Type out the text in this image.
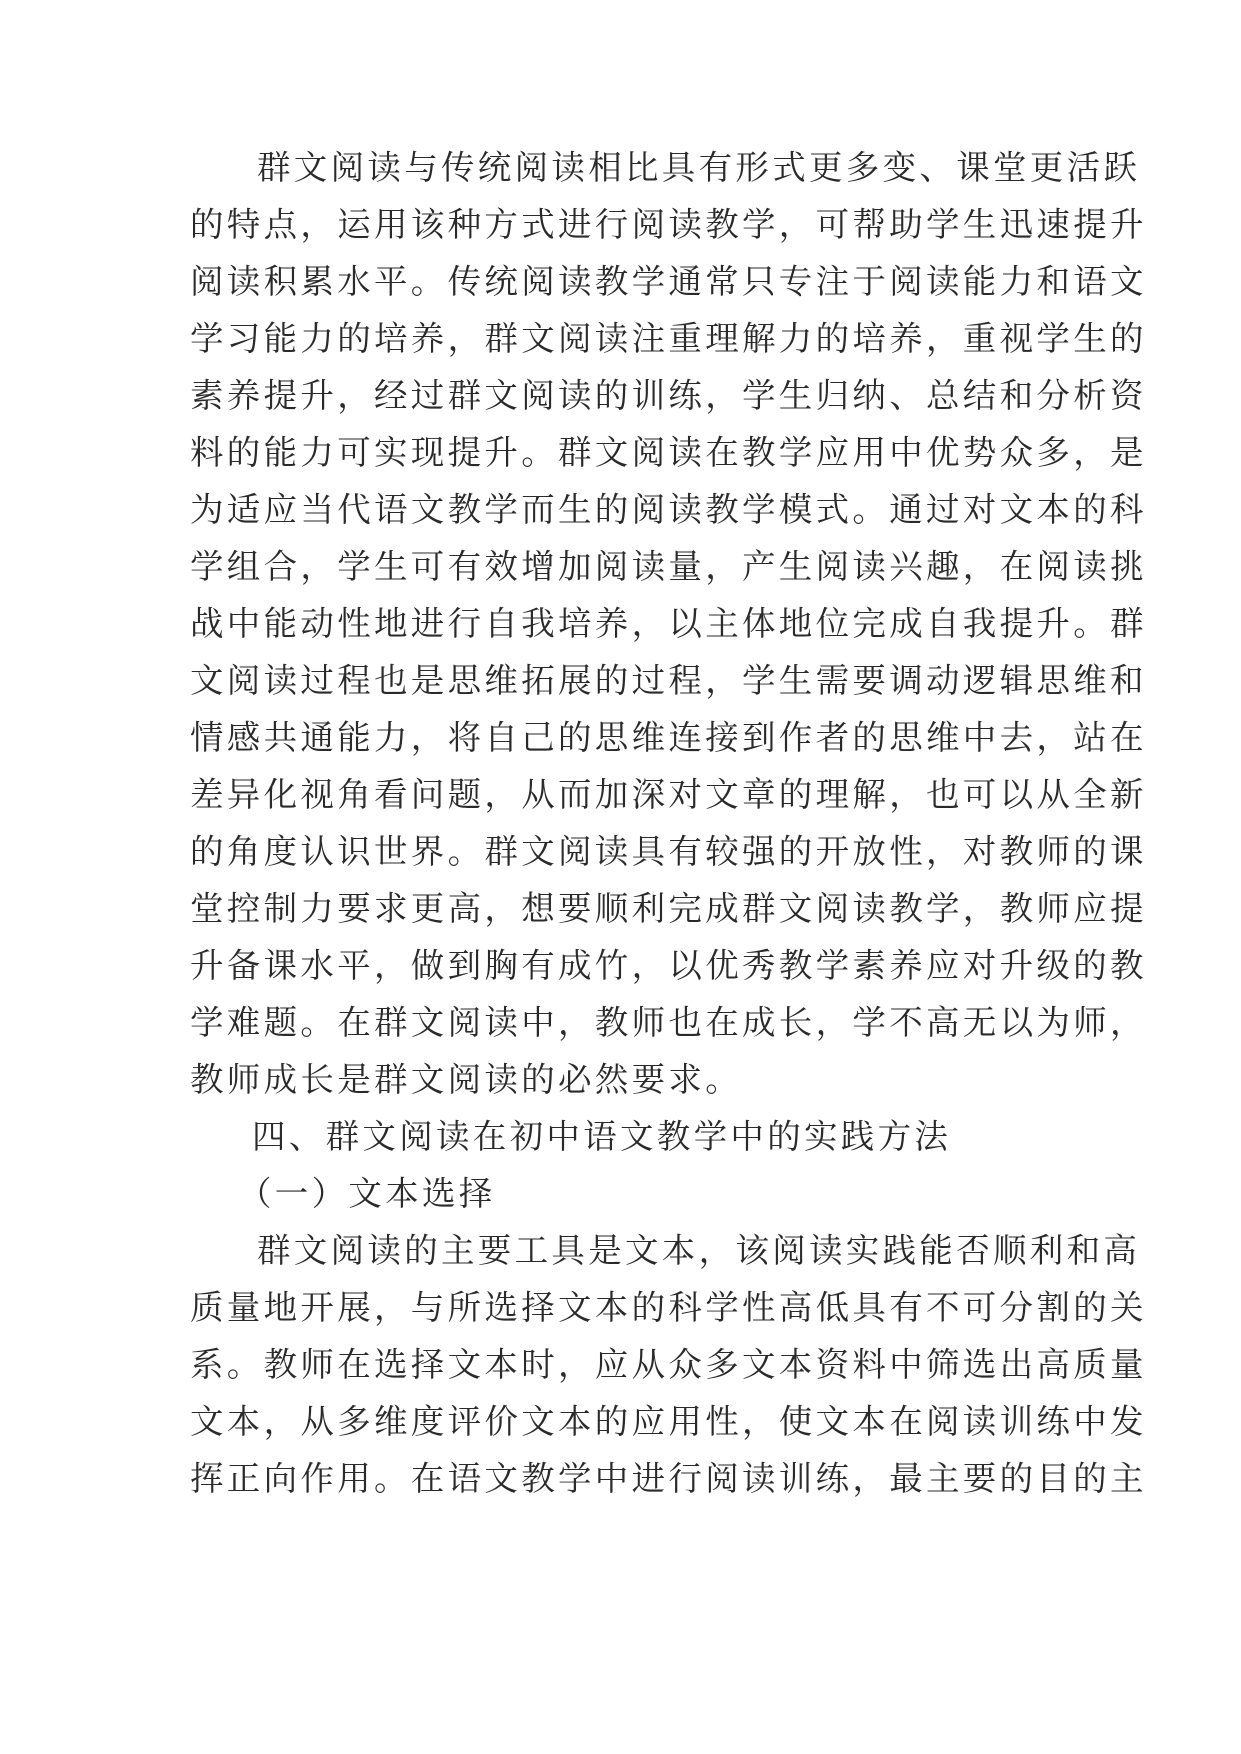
群文阅读与传统阅读相比具有形式更多变、课堂更活跃
的特点，运用该种方式进行阅读教学，可帮助学生迅速提升
阅读积累水平。传统阅读教学通常只专注于阅读能力和语文
学习能力的培养，群文阅读注重理解力的培养，重视学生的
素养提升，经过群文阅读的训练，学生归纳、总结和分析资
料的能力可实现提升。群文阅读在教学应用中优势众多，是
为适应当代语文教学而生的阅读教学模式。通过对文本的科
学组合，学生可有效增加阅读量，产生阅读兴趣，在阅读挑
战中能动性地进行自我培养，以主体地位完成自我提升。群
文阅读过程也是思维拓展的过程，学生需要调动逻辑思维和
情感共通能力，将自己的思维连接到作者的思维中去，站在
差异化视角看问题，从而加深对文章的理解，也可以从全新
的角度认识世界。群文阅读具有较强的开放性，对教师的课
堂控制力要求更高，想要顺利完成群文阅读教学，教师应提
升备课水平，做到胸有成竹，以优秀教学素养应对升级的教
学难题。在群文阅读中，教师也在成长，学不高无以为师，
教师成长是群文阅读的必然要求。
四、群文阅读在初中语文教学中的实践方法
（一）文本选择
群文阅读的主要工具是文本，该阅读实践能否顺利和高
质量地开展，与所选择文本的科学性高低具有不可分割的关
系。教师在选择文本时，应从众多文本资料中筛选出高质量
文本，从多维度评价文本的应用性，使文本在阅读训练中发
挥正向作用。在语文教学中进行阅读训练，最主要的目的主
